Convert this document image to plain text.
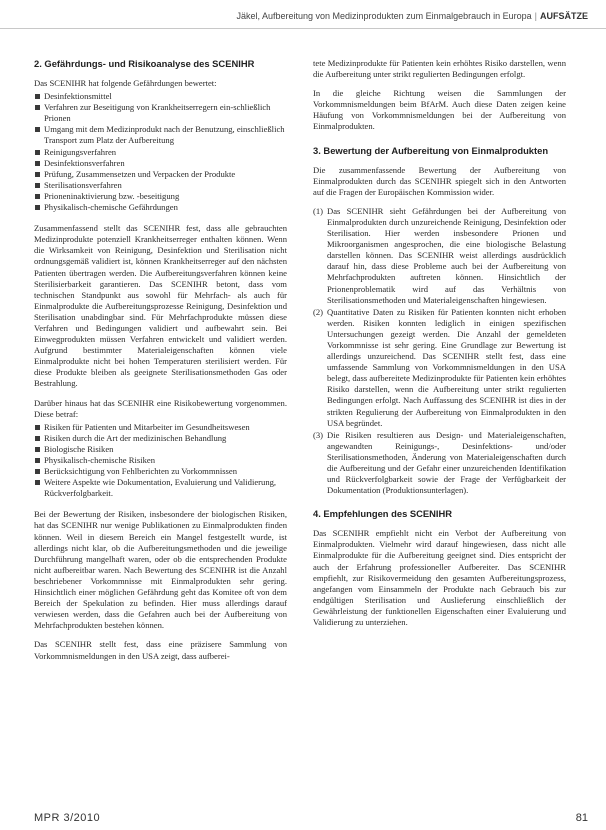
Jäkel, Aufbereitung von Medizinprodukten zum Einmalgebrauch in Europa | AUFSÄTZE
2. Gefährdungs- und Risikoanalyse des SCENIHR

Das SCENIHR hat folgende Gefährdungen bewertet:

Desinfektionsmittel
Verfahren zur Beseitigung von Krankheitserregern ein-schließlich Prionen
Umgang mit dem Medizinprodukt nach der Benutzung, einschließlich Transport zum Platz der Aufbereitung
Reinigungsverfahren
Desinfektionsverfahren
Prüfung, Zusammensetzen und Verpacken der Produkte
Sterilisationsverfahren
Prioneninaktivierung bzw. -beseitigung
Physikalisch-chemische Gefährdungen

Zusammenfassend stellt das SCENIHR fest, dass alle gebrauchten Medizinprodukte potenziell Krankheitserreger enthalten können. Wenn die Wirksamkeit von Reinigung, Desinfektion und Sterilisation nicht ordnungsgemäß validiert ist, können Krankheitserreger auf den nächsten Patienten übertragen werden. Die Aufbereitungsverfahren können keine Sterilisierbarkeit garantieren. Das SCENIHR betont, dass vom technischen Standpunkt aus sowohl für Mehrfach- als auch für Einmalprodukte die Aufbereitungsprozesse Reinigung, Desinfektion und Sterilisation unabdingbar sind. Für Mehrfachprodukte müssen diese Verfahren und Bedingungen validiert und aufbewahrt sein. Bei Einwegprodukten müssen Verfahren entwickelt und validiert werden. Aufgrund bestimmter Materialeigenschaften können viele Einmalprodukte nicht bei hohen Temperaturen sterilisiert werden. Für diese Produkte bleiben als geeignete Sterilisationsmethoden Gas oder Bestrahlung.

Darüber hinaus hat das SCENIHR eine Risikobewertung vorgenommen. Diese betraf:

Risiken für Patienten und Mitarbeiter im Gesundheitswesen
Risiken durch die Art der medizinischen Behandlung
Biologische Risiken
Physikalisch-chemische Risiken
Berücksichtigung von Fehlberichten zu Vorkommnissen
Weitere Aspekte wie Dokumentation, Evaluierung und Validierung, Rückverfolgbarkeit.

Bei der Bewertung der Risiken, insbesondere der biologischen Risiken, hat das SCENIHR nur wenige Publikationen zu Einmalprodukten finden können. Weil in diesem Bereich ein Mangel festgestellt wurde, ist allerdings nicht klar, ob die Aufbereitungsmethoden und die jeweilige Durchführung mangelhaft waren, oder ob die entsprechenden Produkte nicht aufbereitbar waren. Nach Bewertung des SCENIHR ist die Anzahl beschriebener Vorkommnisse mit Einmalprodukten sehr gering. Hinsichtlich einer möglichen Gefährdung geht das Komitee oft von dem Bereich der Spekulation zu befinden. Hier muss allerdings darauf verwiesen werden, dass die Gefahren auch bei der Aufbereitung von Mehrfachprodukten bestehen können.

Das SCENIHR stellt fest, dass eine präzisere Sammlung von Vorkommnismeldungen in den USA zeigt, dass aufberei-

tete Medizinprodukte für Patienten kein erhöhtes Risiko darstellen, wenn die Aufbereitung unter strikt regulierten Bedingungen erfolgt.

In die gleiche Richtung weisen die Sammlungen der Vorkommnismeldungen beim BfArM. Auch diese Daten zeigen keine Häufung von Vorkommnismeldungen bei der Aufbereitung von Einmalprodukten.

3. Bewertung der Aufbereitung von Einmalprodukten

Die zusammenfassende Bewertung der Aufbereitung von Einmalprodukten durch das SCENIHR spiegelt sich in den Antworten auf die Fragen der Europäischen Kommission wider.

(1) Das SCENIHR sieht Gefährdungen bei der Aufbereitung von Einmalprodukten durch unzureichende Reinigung, Desinfektion oder Sterilisation. Hier werden insbesondere Prionen und Mikroorganismen angesprochen, die eine biologische Belastung darstellen können. Das SCENIHR weist allerdings ausdrücklich darauf hin, dass diese Probleme auch bei der Aufbereitung von Mehrfachprodukten auftreten können. Hinsichtlich der Prionenproblematik wird auf das Verhältnis von Sterilisationsmethoden und Materialeigenschaften hingewiesen.
(2) Quantitative Daten zu Risiken für Patienten konnten nicht erhoben werden. Risiken konnten lediglich in einigen spezifischen Untersuchungen gezeigt werden. Die Anzahl der gemeldeten Vorkommnisse ist sehr gering. Eine Grundlage zur Bewertung ist allerdings unzureichend. Das SCENIHR stellt fest, dass eine umfassende Sammlung von Vorkommnismeldungen in den USA belegt, dass aufbereitete Medizinprodukte für Patienten kein erhöhtes Risiko darstellen, wenn die Aufbereitung unter strikt regulierten Bedingungen erfolgt. Nach Auffassung des SCENIHR ist dies in der strikten Regulierung der Aufbereitung von Einmalprodukten in den USA begründet.
(3) Die Risiken resultieren aus Design- und Materialeigenschaften, angewandten Reinigungs-, Desinfektions- und/oder Sterilisationsmethoden, Änderung von Materialeigenschaften durch die Aufbereitung und der Gefahr einer unzureichenden Identifikation und Rückverfolgbarkeit sowie der Frage der Verfügbarkeit der Dokumentation (Produktionsunterlagen).
4. Empfehlungen des SCENIHR

Das SCENIHR empfiehlt nicht ein Verbot der Aufbereitung von Einmalprodukten. Vielmehr wird darauf hingewiesen, dass nicht alle Einmalprodukte für die Aufbereitung geeignet sind. Dies entspricht der auch der Erfahrung professioneller Aufbereiter. Das SCENIHR empfiehlt, zur Risikovermeidung den gesamten Aufbereitungsprozess, angefangen vom Einsammeln der Produkte nach Gebrauch bis zur endgültigen Sterilisation und Auslieferung einschließlich der Gewährleistung der funktionellen Eigenschaften einer Evaluierung und Validierung zu unterziehen.

MPR 3/2010	81
